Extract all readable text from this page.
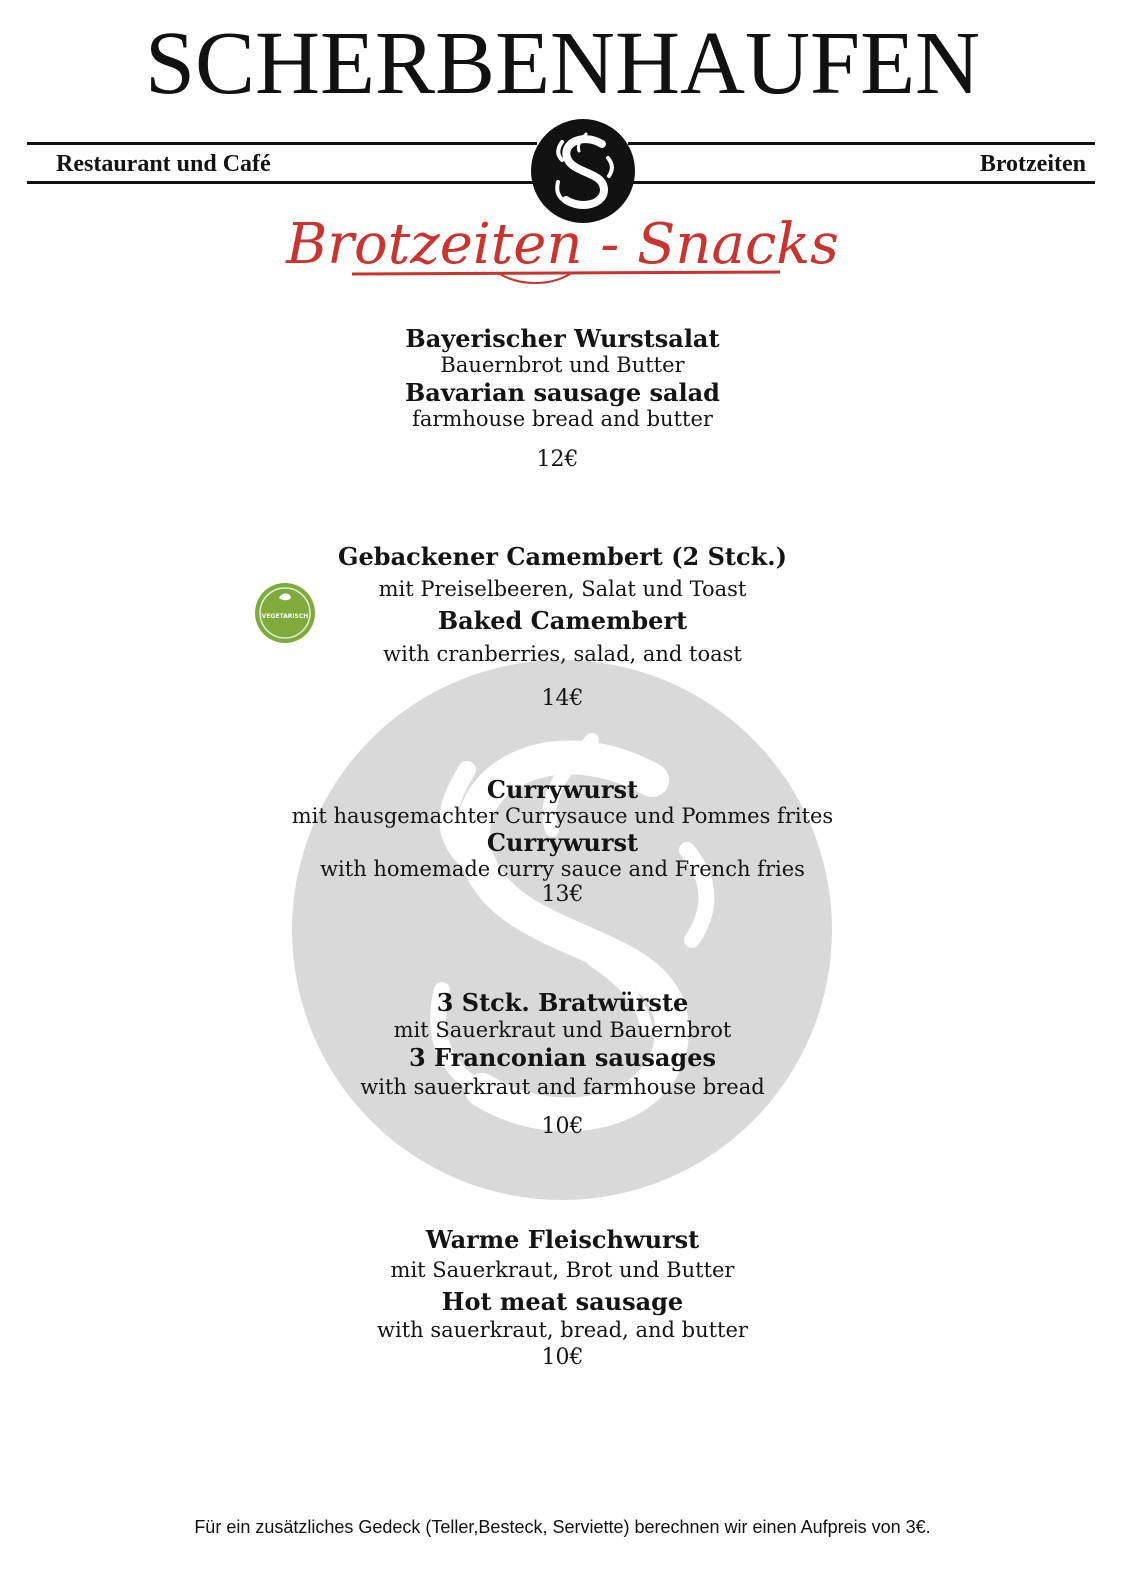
SCHERBENHAUFEN
Restaurant und Café	Brotzeiten
Brotzeiten - Snacks
VEGETARISCH
Bayerischer Wurstsalat
Bauernbrot und Butter
Bavarian sausage salad
farmhouse bread and butter
12€
Gebackener Camembert (2 Stck.)
mit Preiselbeeren, Salat und Toast
Baked Camembert
with cranberries, salad, and toast
14€
Currywurst
mit hausgemachter Currysauce und Pommes frites
Currywurst
with homemade curry sauce and French fries
13€
3 Stck. Bratwürste
mit Sauerkraut und Bauernbrot
3 Franconian sausages
with sauerkraut and farmhouse bread
10€
Warme Fleischwurst
mit Sauerkraut, Brot und Butter
Hot meat sausage
with sauerkraut, bread, and butter
10€
Für ein zusätzliches Gedeck (Teller,Besteck, Serviette) berechnen wir einen Aufpreis von 3€.
